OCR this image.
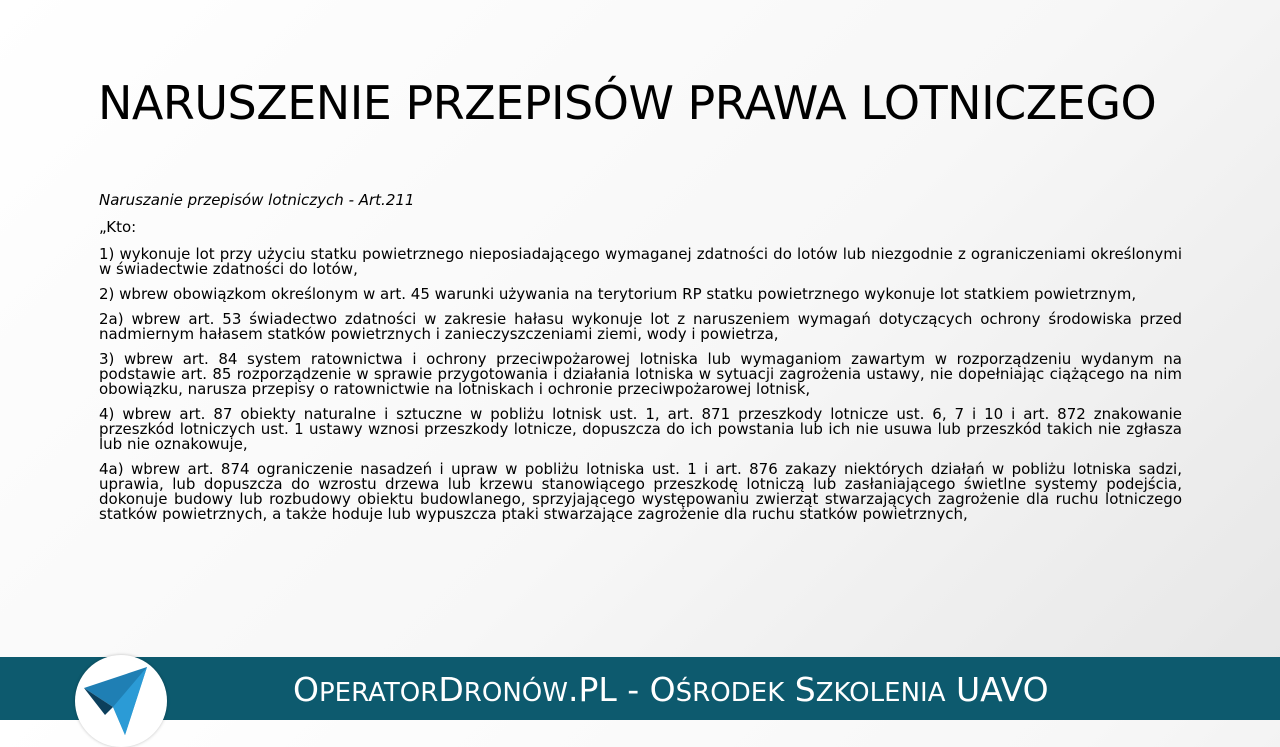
NARUSZENIE PRZEPISÓW PRAWA LOTNICZEGO

Naruszanie przepisów lotniczych - Art.211

„Kto:

1) wykonuje lot przy użyciu statku powietrznego nieposiadającego wymaganej zdatności do lotów lub niezgodnie z ograniczeniami określonymi w świadectwie zdatności do lotów,

2) wbrew obowiązkom określonym w art. 45 warunki używania na terytorium RP statku powietrznego wykonuje lot statkiem powietrznym,

2a) wbrew art. 53 świadectwo zdatności w zakresie hałasu wykonuje lot z naruszeniem wymagań dotyczących ochrony środowiska przed nadmiernym hałasem statków powietrznych i zanieczyszczeniami ziemi, wody i powietrza,

3) wbrew art. 84 system ratownictwa i ochrony przeciwpożarowej lotniska lub wymaganiom zawartym w rozporządzeniu wydanym na podstawie art. 85 rozporządzenie w sprawie przygotowania i działania lotniska w sytuacji zagrożenia ustawy, nie dopełniając ciążącego na nim obowiązku, narusza przepisy o ratownictwie na lotniskach i ochronie przeciwpożarowej lotnisk,

4) wbrew art. 87 obiekty naturalne i sztuczne w pobliżu lotnisk ust. 1, art. 871 przeszkody lotnicze ust. 6, 7 i 10 i art. 872 znakowanie przeszkód lotniczych ust. 1 ustawy wznosi przeszkody lotnicze, dopuszcza do ich powstania lub ich nie usuwa lub przeszkód takich nie zgłasza lub nie oznakowuje,

4a) wbrew art. 874 ograniczenie nasadzeń i upraw w pobliżu lotniska ust. 1 i art. 876 zakazy niektórych działań w pobliżu lotniska sadzi, uprawia, lub dopuszcza do wzrostu drzewa lub krzewu stanowiącego przeszkodę lotniczą lub zasłaniającego świetlne systemy podejścia, dokonuje budowy lub rozbudowy obiektu budowlanego, sprzyjającego występowaniu zwierząt stwarzających zagrożenie dla ruchu lotniczego statków powietrznych, a także hoduje lub wypuszcza ptaki stwarzające zagrożenie dla ruchu statków powietrznych,

OPERATORDRONÓW.PL - OŚRODEK SZKOLENIA UAVO
